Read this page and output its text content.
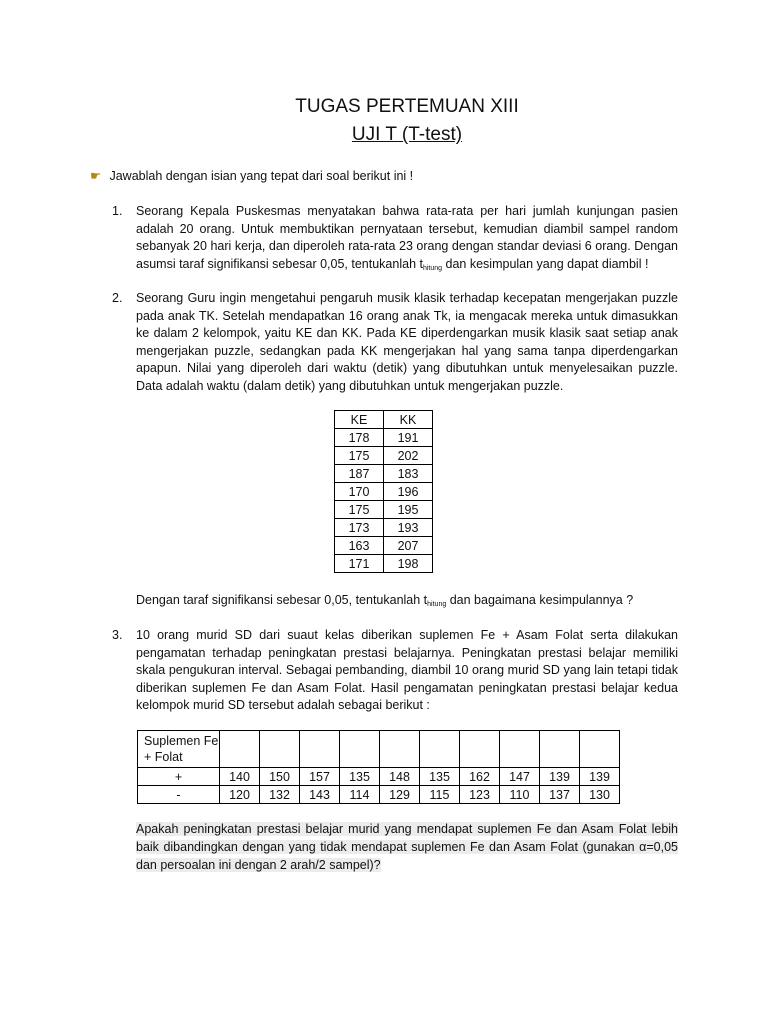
TUGAS PERTEMUAN XIII
UJI T (T-test)
☛ Jawablah dengan isian yang tepat dari soal berikut ini !
1. Seorang Kepala Puskesmas menyatakan bahwa rata-rata per hari jumlah kunjungan pasien adalah 20 orang. Untuk membuktikan pernyataan tersebut, kemudian diambil sampel random sebanyak 20 hari kerja, dan diperoleh rata-rata 23 orang dengan standar deviasi 6 orang. Dengan asumsi taraf signifikansi sebesar 0,05, tentukanlah $t_{hitung}$ dan kesimpulan yang dapat diambil !
2. Seorang Guru ingin mengetahui pengaruh musik klasik terhadap kecepatan mengerjakan puzzle pada anak TK. Setelah mendapatkan 16 orang anak Tk, ia mengacak mereka untuk dimasukkan ke dalam 2 kelompok, yaitu KE dan KK. Pada KE diperdengarkan musik klasik saat setiap anak mengerjakan puzzle, sedangkan pada KK mengerjakan hal yang sama tanpa diperdengarkan apapun. Nilai yang diperoleh dari waktu (detik) yang dibutuhkan untuk menyelesaikan puzzle. Data adalah waktu (dalam detik) yang dibutuhkan untuk mengerjakan puzzle.
KE	KK
178	191
175	202
187	183
170	196
175	195
173	193
163	207
171	198
Dengan taraf signifikansi sebesar 0,05, tentukanlah $t_{hitung}$ dan bagaimana kesimpulannya ?
3. 10 orang murid SD dari suaut kelas diberikan suplemen Fe + Asam Folat serta dilakukan pengamatan terhadap peningkatan prestasi belajarnya. Peningkatan prestasi belajar memiliki skala pengukuran interval. Sebagai pembanding, diambil 10 orang murid SD yang lain tetapi tidak diberikan suplemen Fe dan Asam Folat. Hasil pengamatan peningkatan prestasi belajar kedua kelompok murid SD tersebut adalah sebagai berikut :
Suplemen Fe + Folat										
+	140	150	157	135	148	135	162	147	139	139
-	120	132	143	114	129	115	123	110	137	130
Apakah peningkatan prestasi belajar murid yang mendapat suplemen Fe dan Asam Folat lebih baik dibandingkan dengan yang tidak mendapat suplemen Fe dan Asam Folat (gunakan α=0,05 dan persoalan ini dengan 2 arah/2 sampel)?
